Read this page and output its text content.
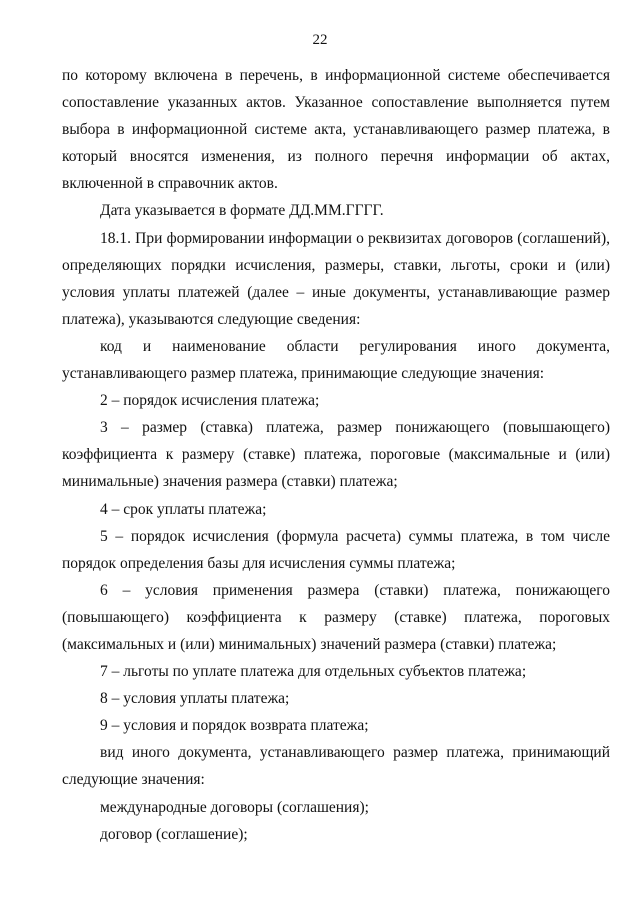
22

по которому включена в перечень, в информационной системе обеспечивается сопоставление указанных актов. Указанное сопоставление выполняется путем выбора в информационной системе акта, устанавливающего размер платежа, в который вносятся изменения, из полного перечня информации об актах, включенной в справочник актов.

Дата указывается в формате ДД.ММ.ГГГГ.

18.1. При формировании информации о реквизитах договоров (соглашений), определяющих порядки исчисления, размеры, ставки, льготы, сроки и (или) условия уплаты платежей (далее – иные документы, устанавливающие размер платежа), указываются следующие сведения:

код и наименование области регулирования иного документа, устанавливающего размер платежа, принимающие следующие значения:

2 – порядок исчисления платежа;

3 – размер (ставка) платежа, размер понижающего (повышающего) коэффициента к размеру (ставке) платежа, пороговые (максимальные и (или) минимальные) значения размера (ставки) платежа;

4 – срок уплаты платежа;

5 – порядок исчисления (формула расчета) суммы платежа, в том числе порядок определения базы для исчисления суммы платежа;

6 – условия применения размера (ставки) платежа, понижающего (повышающего) коэффициента к размеру (ставке) платежа, пороговых (максимальных и (или) минимальных) значений размера (ставки) платежа;

7 – льготы по уплате платежа для отдельных субъектов платежа;

8 – условия уплаты платежа;

9 – условия и порядок возврата платежа;

вид иного документа, устанавливающего размер платежа, принимающий следующие значения:

международные договоры (соглашения);

договор (соглашение);
